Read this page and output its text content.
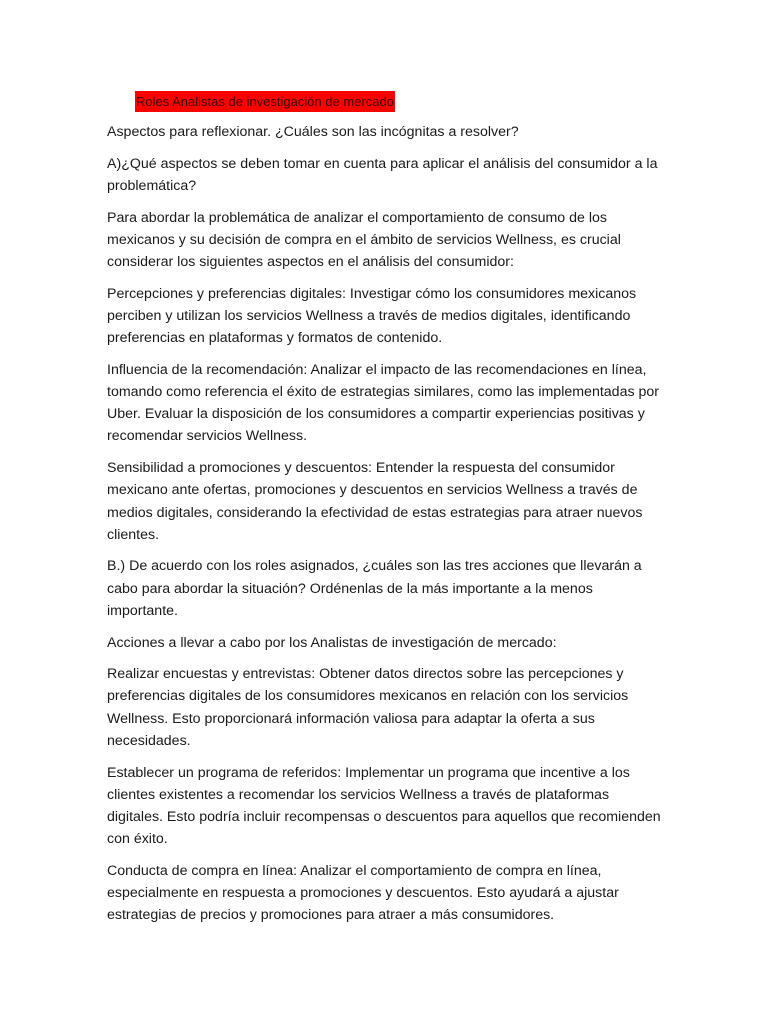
Roles Analistas de investigación de mercado

Aspectos para reflexionar. ¿Cuáles son las incógnitas a resolver?

A)¿Qué aspectos se deben tomar en cuenta para aplicar el análisis del consumidor a la problemática?

Para abordar la problemática de analizar el comportamiento de consumo de los mexicanos y su decisión de compra en el ámbito de servicios Wellness, es crucial considerar los siguientes aspectos en el análisis del consumidor:

Percepciones y preferencias digitales: Investigar cómo los consumidores mexicanos perciben y utilizan los servicios Wellness a través de medios digitales, identificando preferencias en plataformas y formatos de contenido.

Influencia de la recomendación: Analizar el impacto de las recomendaciones en línea, tomando como referencia el éxito de estrategias similares, como las implementadas por Uber. Evaluar la disposición de los consumidores a compartir experiencias positivas y recomendar servicios Wellness.

Sensibilidad a promociones y descuentos: Entender la respuesta del consumidor mexicano ante ofertas, promociones y descuentos en servicios Wellness a través de medios digitales, considerando la efectividad de estas estrategias para atraer nuevos clientes.

B.) De acuerdo con los roles asignados, ¿cuáles son las tres acciones que llevarán a cabo para abordar la situación? Ordénenlas de la más importante a la menos importante.

Acciones a llevar a cabo por los Analistas de investigación de mercado:

Realizar encuestas y entrevistas: Obtener datos directos sobre las percepciones y preferencias digitales de los consumidores mexicanos en relación con los servicios Wellness. Esto proporcionará información valiosa para adaptar la oferta a sus necesidades.

Establecer un programa de referidos: Implementar un programa que incentive a los clientes existentes a recomendar los servicios Wellness a través de plataformas digitales. Esto podría incluir recompensas o descuentos para aquellos que recomienden con éxito.

Conducta de compra en línea: Analizar el comportamiento de compra en línea, especialmente en respuesta a promociones y descuentos. Esto ayudará a ajustar estrategias de precios y promociones para atraer a más consumidores.
